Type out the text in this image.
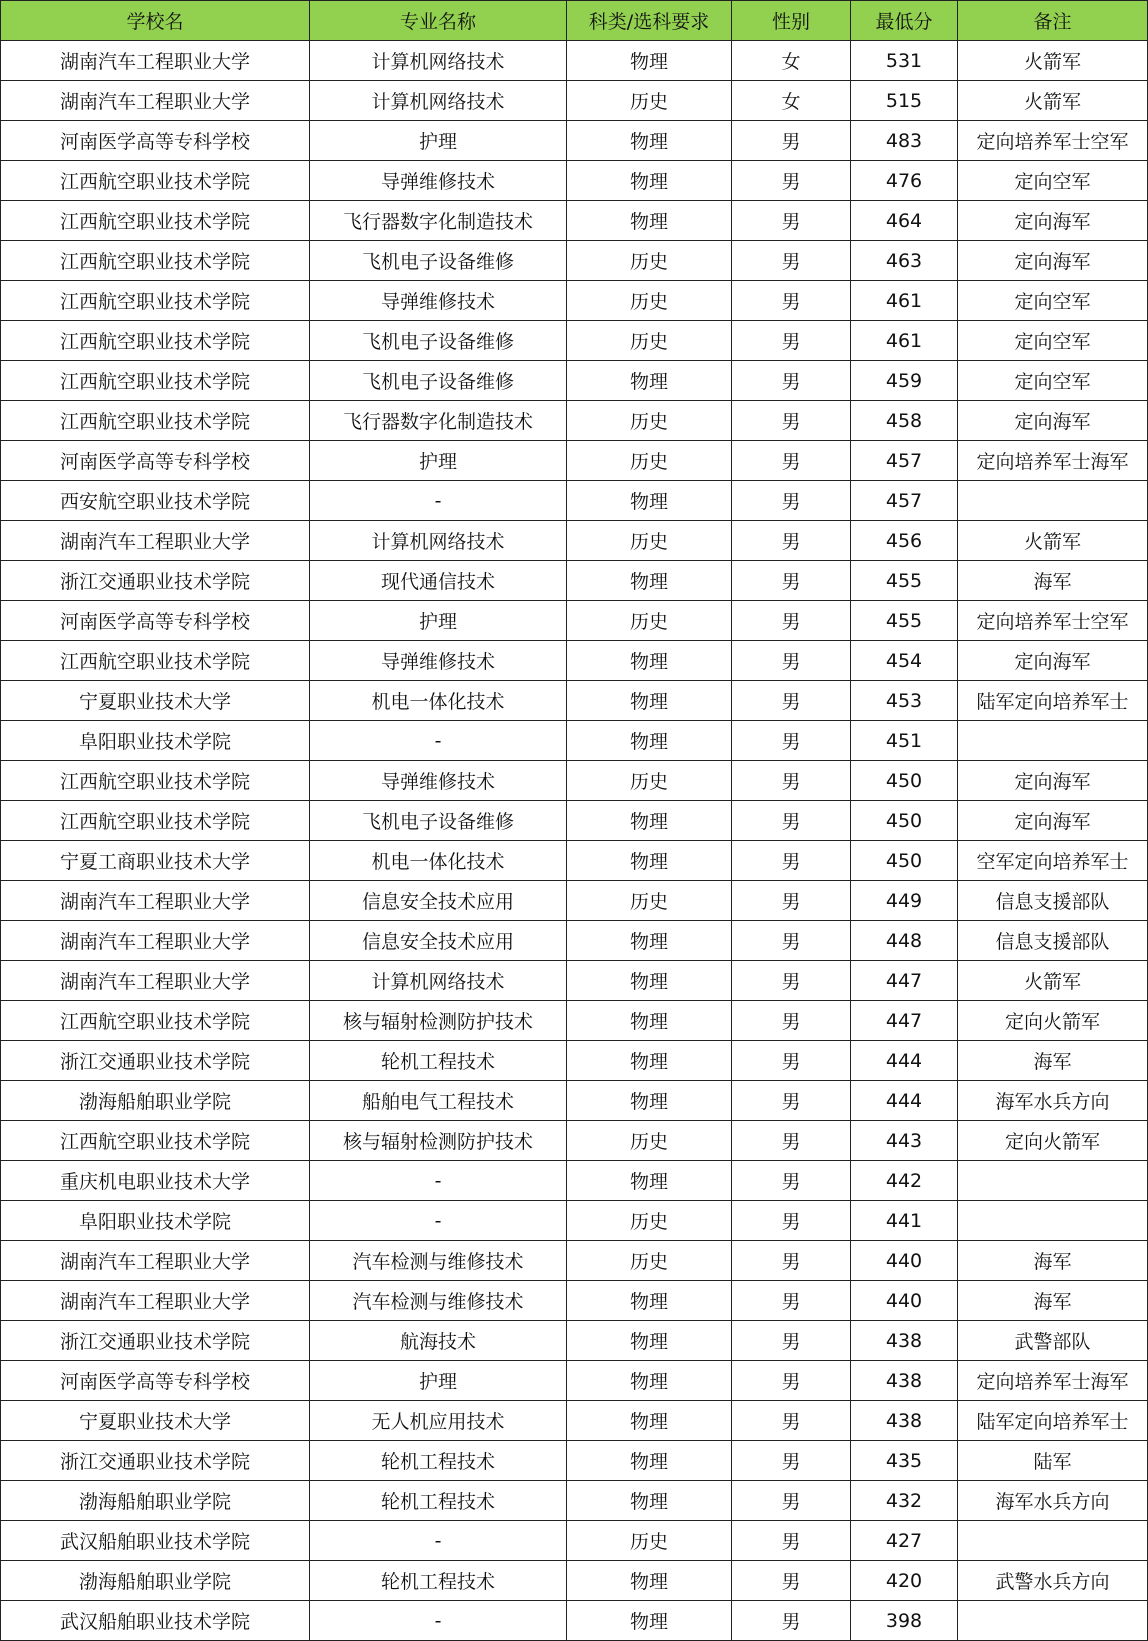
学校名	专业名称	科类/选科要求	性别	最低分	备注
湖南汽车工程职业大学	计算机网络技术	物理	女	531	火箭军
湖南汽车工程职业大学	计算机网络技术	历史	女	515	火箭军
河南医学高等专科学校	护理	物理	男	483	定向培养军士空军
江西航空职业技术学院	导弹维修技术	物理	男	476	定向空军
江西航空职业技术学院	飞行器数字化制造技术	物理	男	464	定向海军
江西航空职业技术学院	飞机电子设备维修	历史	男	463	定向海军
江西航空职业技术学院	导弹维修技术	历史	男	461	定向空军
江西航空职业技术学院	飞机电子设备维修	历史	男	461	定向空军
江西航空职业技术学院	飞机电子设备维修	物理	男	459	定向空军
江西航空职业技术学院	飞行器数字化制造技术	历史	男	458	定向海军
河南医学高等专科学校	护理	历史	男	457	定向培养军士海军
西安航空职业技术学院	-	物理	男	457	
湖南汽车工程职业大学	计算机网络技术	历史	男	456	火箭军
浙江交通职业技术学院	现代通信技术	物理	男	455	海军
河南医学高等专科学校	护理	历史	男	455	定向培养军士空军
江西航空职业技术学院	导弹维修技术	物理	男	454	定向海军
宁夏职业技术大学	机电一体化技术	物理	男	453	陆军定向培养军士
阜阳职业技术学院	-	物理	男	451	
江西航空职业技术学院	导弹维修技术	历史	男	450	定向海军
江西航空职业技术学院	飞机电子设备维修	物理	男	450	定向海军
宁夏工商职业技术大学	机电一体化技术	物理	男	450	空军定向培养军士
湖南汽车工程职业大学	信息安全技术应用	历史	男	449	信息支援部队
湖南汽车工程职业大学	信息安全技术应用	物理	男	448	信息支援部队
湖南汽车工程职业大学	计算机网络技术	物理	男	447	火箭军
江西航空职业技术学院	核与辐射检测防护技术	物理	男	447	定向火箭军
浙江交通职业技术学院	轮机工程技术	物理	男	444	海军
渤海船舶职业学院	船舶电气工程技术	物理	男	444	海军水兵方向
江西航空职业技术学院	核与辐射检测防护技术	历史	男	443	定向火箭军
重庆机电职业技术大学	-	物理	男	442	
阜阳职业技术学院	-	历史	男	441	
湖南汽车工程职业大学	汽车检测与维修技术	历史	男	440	海军
湖南汽车工程职业大学	汽车检测与维修技术	物理	男	440	海军
浙江交通职业技术学院	航海技术	物理	男	438	武警部队
河南医学高等专科学校	护理	物理	男	438	定向培养军士海军
宁夏职业技术大学	无人机应用技术	物理	男	438	陆军定向培养军士
浙江交通职业技术学院	轮机工程技术	物理	男	435	陆军
渤海船舶职业学院	轮机工程技术	物理	男	432	海军水兵方向
武汉船舶职业技术学院	-	历史	男	427	
渤海船舶职业学院	轮机工程技术	物理	男	420	武警水兵方向
武汉船舶职业技术学院	-	物理	男	398	
